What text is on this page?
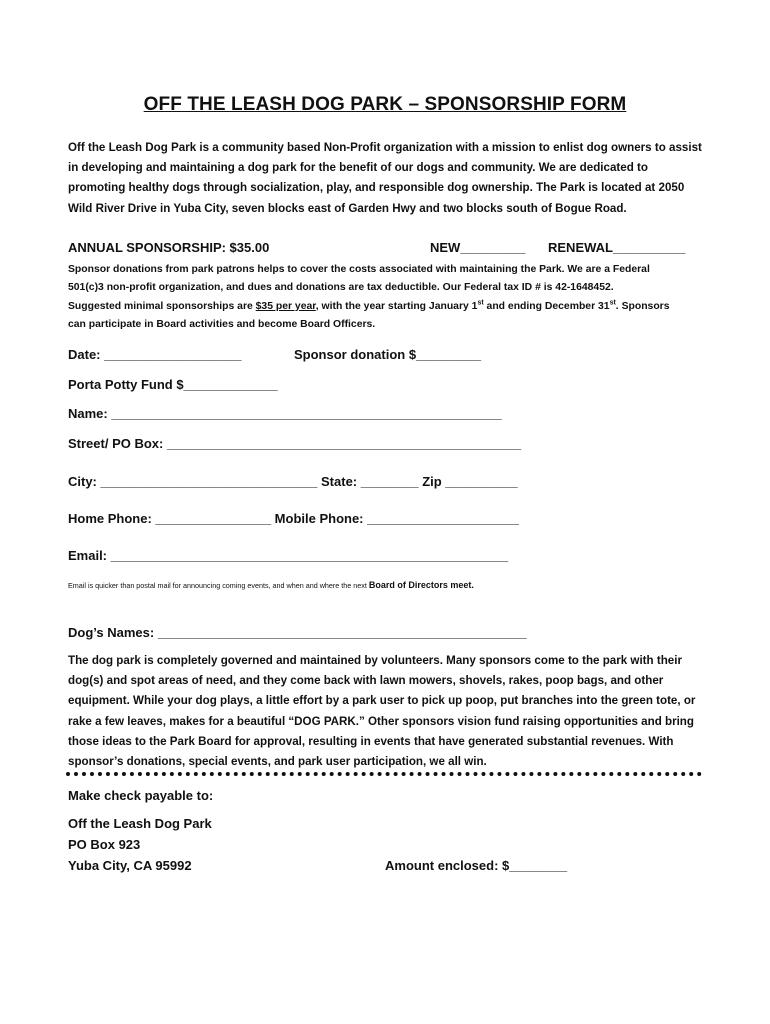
OFF THE LEASH DOG PARK – SPONSORSHIP FORM
Off the Leash Dog Park is a community based Non-Profit organization with a mission to enlist dog owners to assist in developing and maintaining a dog park for the benefit of our dogs and community. We are dedicated to promoting healthy dogs through socialization, play, and responsible dog ownership. The Park is located at 2050 Wild River Drive in Yuba City, seven blocks east of Garden Hwy and two blocks south of Bogue Road.
ANNUAL SPONSORSHIP: $35.00	NEW_________ RENEWAL__________
Sponsor donations from park patrons helps to cover the costs associated with maintaining the Park. We are a Federal
501(c)3 non-profit organization, and dues and donations are tax deductible. Our Federal tax ID # is 42-1648452.
Suggested minimal sponsorships are $35 per year, with the year starting January 1st and ending December 31st. Sponsors
can participate in Board activities and become Board Officers.
Date: ___________________	Sponsor donation $_________
Porta Potty Fund $_____________
Name: ______________________________________________________
Street/ PO Box: _________________________________________________
City: ______________________________ State: ________ Zip __________
Home Phone: ________________ Mobile Phone: _____________________
Email: _______________________________________________________
Email is quicker than postal mail for announcing coming events, and when and where the next Board of Directors meet.
Dog’s Names: ___________________________________________________
The dog park is completely governed and maintained by volunteers. Many sponsors come to the park with their dog(s) and spot areas of need, and they come back with lawn mowers, shovels, rakes, poop bags, and other equipment. While your dog plays, a little effort by a park user to pick up poop, put branches into the green tote, or rake a few leaves, makes for a beautiful “DOG PARK.” Other sponsors vision fund raising opportunities and bring those ideas to the Park Board for approval, resulting in events that have generated substantial revenues. With sponsor’s donations, special events, and park user participation, we all win.
Make check payable to:
Off the Leash Dog Park
PO Box 923
Yuba City, CA 95992	Amount enclosed: $________
